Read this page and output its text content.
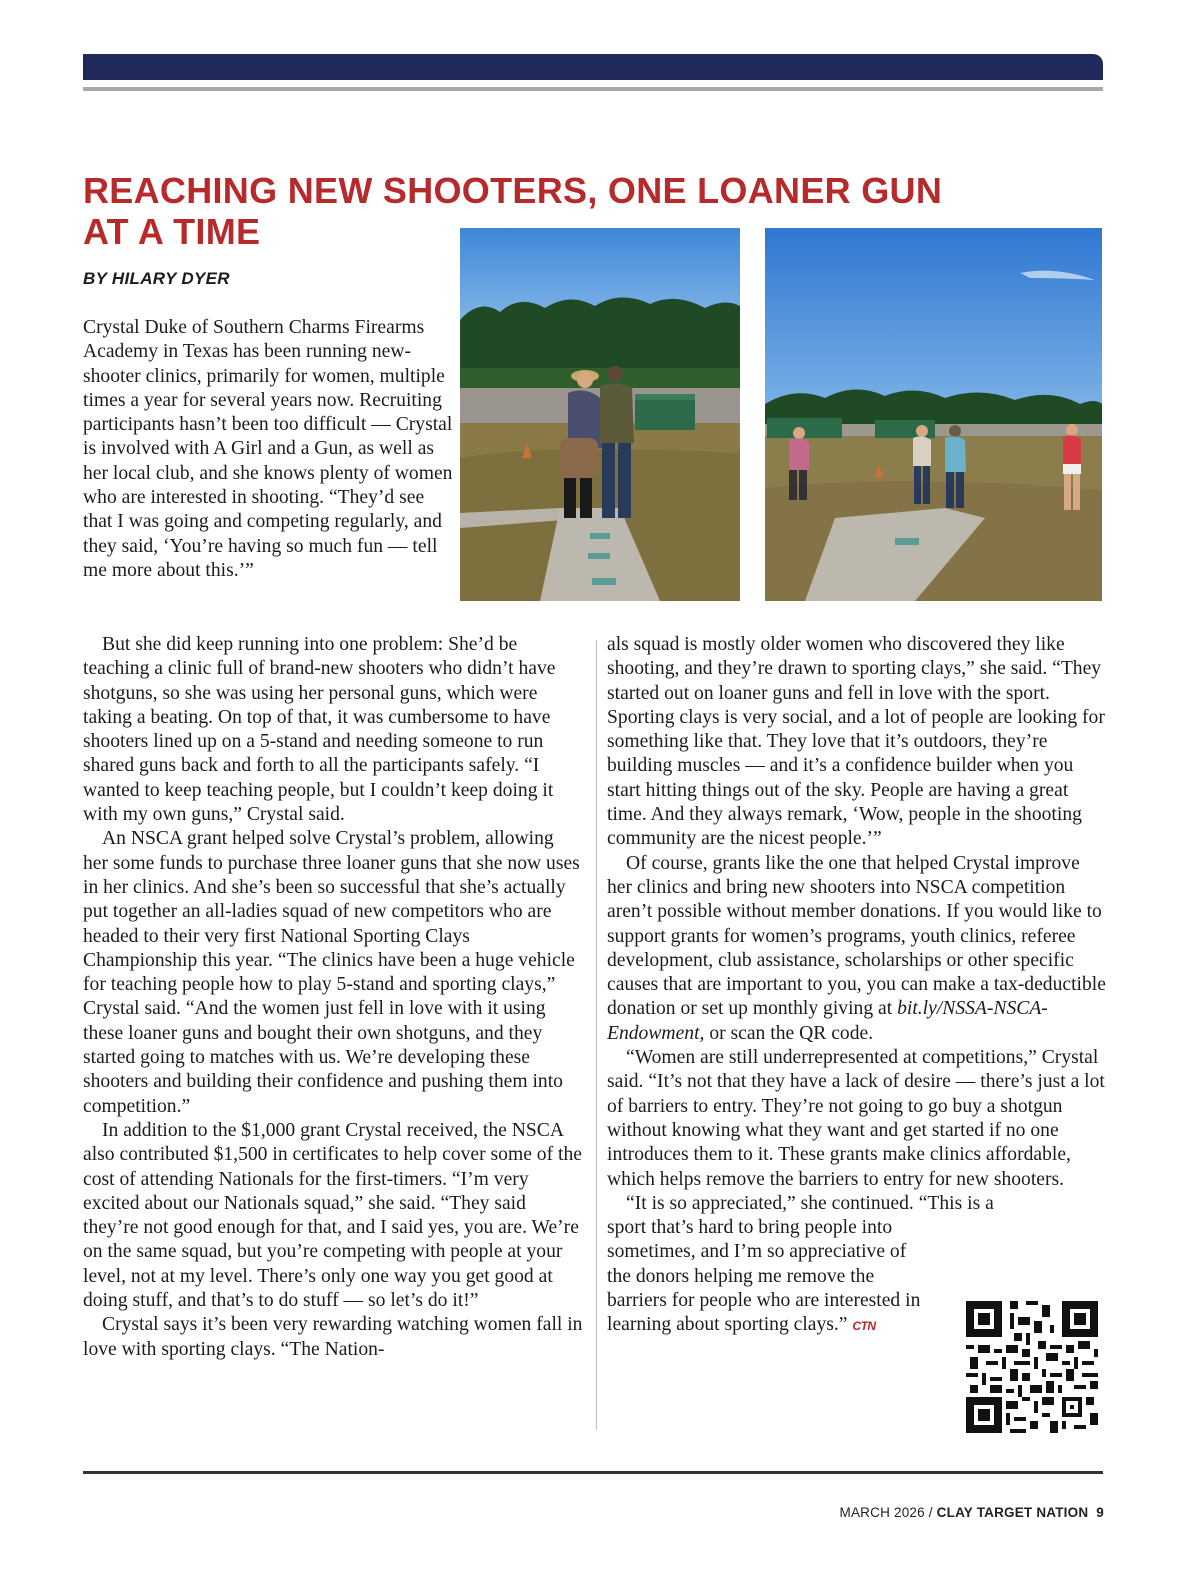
REACHING NEW SHOOTERS, ONE LOANER GUN AT A TIME
BY HILARY DYER

Crystal Duke of Southern Charms Firearms Academy in Texas has been running new-shooter clinics, primarily for women, multiple times a year for several years now. Recruiting participants hasn’t been too difficult — Crystal is involved with A Girl and a Gun, as well as her local club, and she knows plenty of women who are interested in shooting. “They’d see that I was going and competing regularly, and they said, ‘You’re having so much fun — tell me more about this.’”

But she did keep running into one problem: She’d be teaching a clinic full of brand-new shooters who didn’t have shotguns, so she was using her personal guns, which were taking a beating. On top of that, it was cumbersome to have shooters lined up on a 5-stand and needing someone to run shared guns back and forth to all the participants safely. “I wanted to keep teaching people, but I couldn’t keep doing it with my own guns,” Crystal said.

An NSCA grant helped solve Crystal’s problem, allowing her some funds to purchase three loaner guns that she now uses in her clinics. And she’s been so successful that she’s actually put together an all-ladies squad of new competitors who are headed to their very first National Sporting Clays Championship this year. “The clinics have been a huge vehicle for teaching people how to play 5-stand and sporting clays,” Crystal said. “And the women just fell in love with it using these loaner guns and bought their own shotguns, and they started going to matches with us. We’re developing these shooters and building their confidence and pushing them into competition.”

In addition to the $1,000 grant Crystal received, the NSCA also contributed $1,500 in certificates to help cover some of the cost of attending Nationals for the first-timers. “I’m very excited about our Nationals squad,” she said. “They said they’re not good enough for that, and I said yes, you are. We’re on the same squad, but you’re competing with people at your level, not at my level. There’s only one way you get good at doing stuff, and that’s to do stuff — so let’s do it!”

Crystal says it’s been very rewarding watching women fall in love with sporting clays. “The Nation-

als squad is mostly older women who discovered they like shooting, and they’re drawn to sporting clays,” she said. “They started out on loaner guns and fell in love with the sport. Sporting clays is very social, and a lot of people are looking for something like that. They love that it’s outdoors, they’re building muscles — and it’s a confidence builder when you start hitting things out of the sky. People are having a great time. And they always remark, ‘Wow, people in the shooting community are the nicest people.’”

Of course, grants like the one that helped Crystal improve her clinics and bring new shooters into NSCA competition aren’t possible without member donations. If you would like to support grants for women’s programs, youth clinics, referee development, club assistance, scholarships or other specific causes that are important to you, you can make a tax-deductible donation or set up monthly giving at bit.ly/NSSA-NSCA-Endowment, or scan the QR code.

“Women are still underrepresented at competitions,” Crystal said. “It’s not that they have a lack of desire — there’s just a lot of barriers to entry. They’re not going to go buy a shotgun without knowing what they want and get started if no one introduces them to it. These grants make clinics affordable, which helps remove the barriers to entry for new shooters.

“It is so appreciated,” she continued. “This is a

sport that’s hard to bring people into sometimes, and I’m so appreciative of the donors helping me remove the barriers for people who are interested in learning about sporting clays.” CTN

MARCH 2026 / CLAY TARGET NATION 9
